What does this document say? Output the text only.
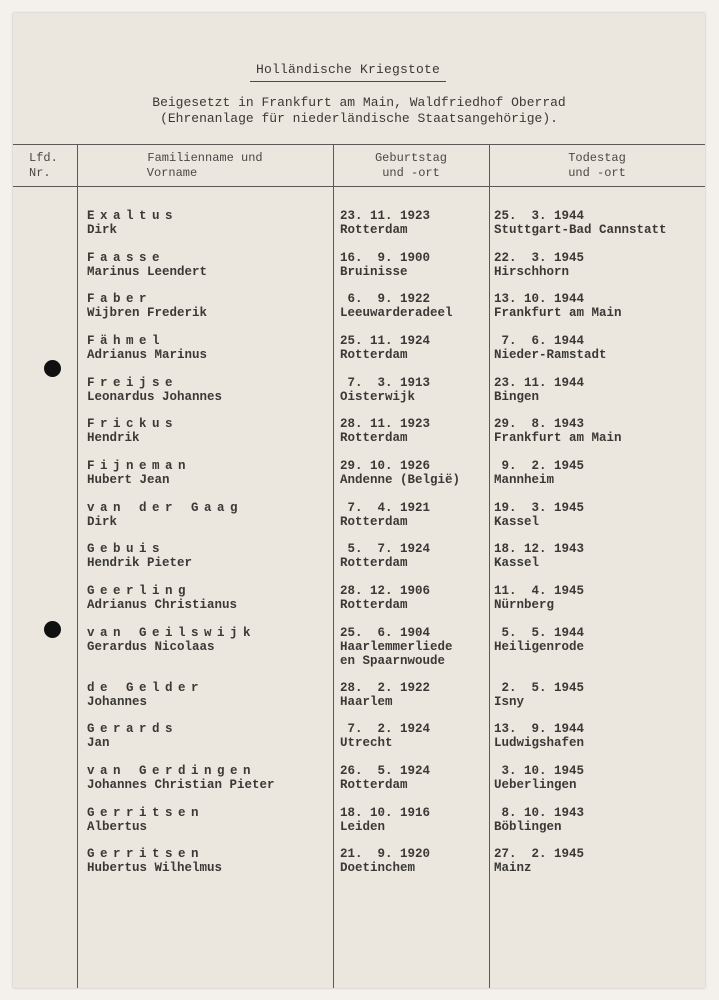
Holländische Kriegstote
Beigesetzt in Frankfurt am Main, Waldfriedhof Oberrad
(Ehrenanlage für niederländische Staatsangehörige).
Lfd.
Nr.
Familienname und
Vorname
Geburtstag
und -ort
Todestag
und -ort
Exaltus
Dirk
23. 11. 1923
Rotterdam
25.  3. 1944
Stuttgart-Bad Cannstatt
Faasse
Marinus Leendert
16.  9. 1900
Bruinisse
22.  3. 1945
Hirschhorn
Faber
Wijbren Frederik
6.  9. 1922
Leeuwarderadeel
13. 10. 1944
Frankfurt am Main
Fähmel
Adrianus Marinus
25. 11. 1924
Rotterdam
7.  6. 1944
Nieder-Ramstadt
Freijse
Leonardus Johannes
7.  3. 1913
Oisterwijk
23. 11. 1944
Bingen
Frickus
Hendrik
28. 11. 1923
Rotterdam
29.  8. 1943
Frankfurt am Main
Fijneman
Hubert Jean
29. 10. 1926
Andenne (België)
9.  2. 1945
Mannheim
van der Gaag
Dirk
7.  4. 1921
Rotterdam
19.  3. 1945
Kassel
Gebuis
Hendrik Pieter
5.  7. 1924
Rotterdam
18. 12. 1943
Kassel
Geerling
Adrianus Christianus
28. 12. 1906
Rotterdam
11.  4. 1945
Nürnberg
van Geilswijk
Gerardus Nicolaas
25.  6. 1904
Haarlemmerliede
en Spaarnwoude
5.  5. 1944
Heiligenrode
de Gelder
Johannes
28.  2. 1922
Haarlem
2.  5. 1945
Isny
Gerards
Jan
7.  2. 1924
Utrecht
13.  9. 1944
Ludwigshafen
van Gerdingen
Johannes Christian Pieter
26.  5. 1924
Rotterdam
3. 10. 1945
Ueberlingen
Gerritsen
Albertus
18. 10. 1916
Leiden
8. 10. 1943
Böblingen
Gerritsen
Hubertus Wilhelmus
21.  9. 1920
Doetinchem
27.  2. 1945
Mainz
